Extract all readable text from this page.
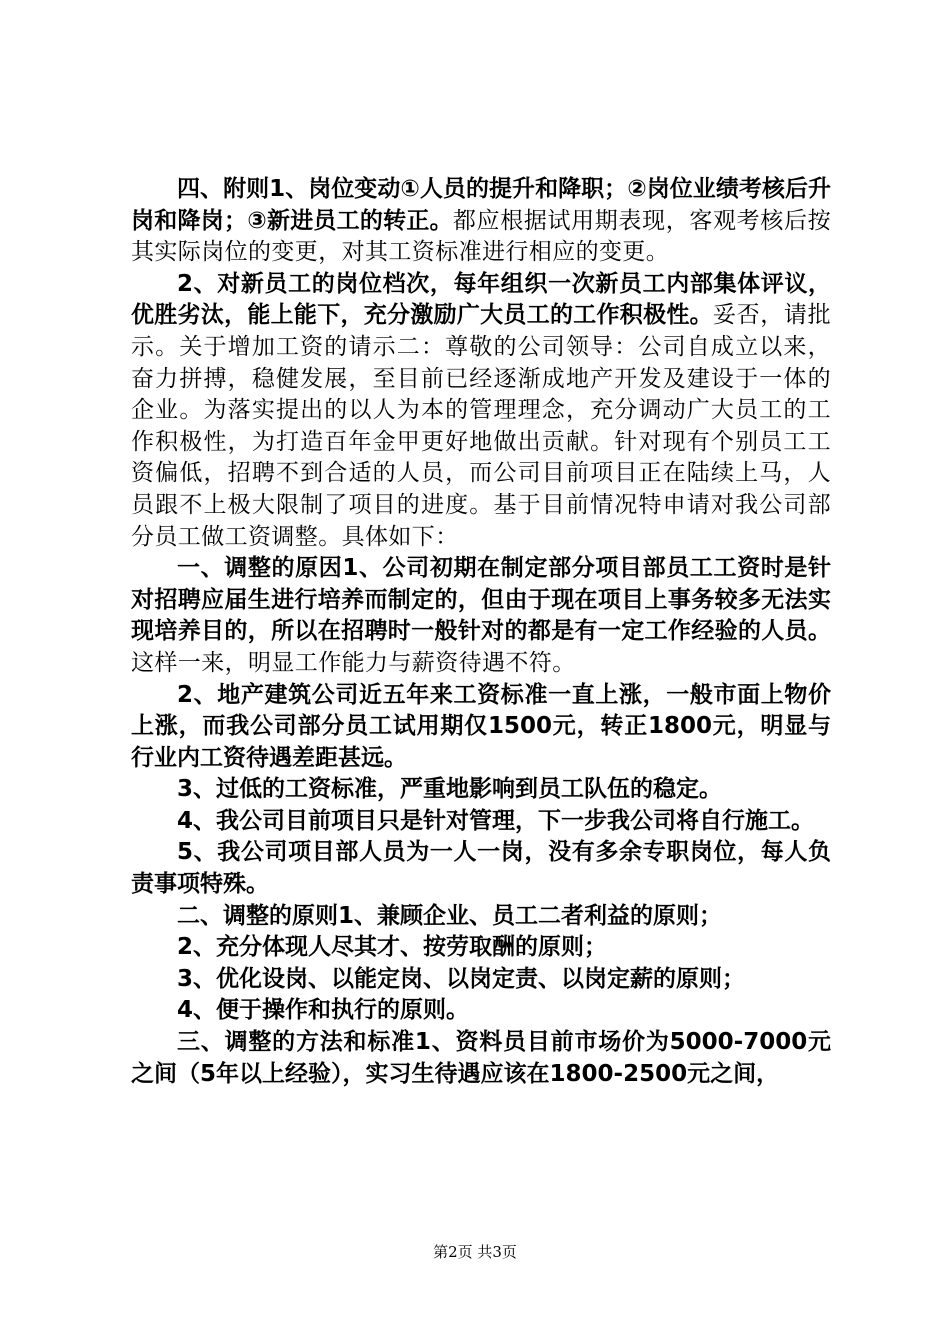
四、附则1、岗位变动①人员的提升和降职；②岗位业绩考核后升岗和降岗；③新进员工的转正。都应根据试用期表现，客观考核后按其实际岗位的变更，对其工资标准进行相应的变更。

2、对新员工的岗位档次，每年组织一次新员工内部集体评议，优胜劣汰，能上能下，充分激励广大员工的工作积极性。妥否，请批示。关于增加工资的请示二：尊敬的公司领导：公司自成立以来，奋力拼搏，稳健发展，至目前已经逐渐成地产开发及建设于一体的企业。为落实提出的以人为本的管理理念，充分调动广大员工的工作积极性，为打造百年金甲更好地做出贡献。针对现有个别员工工资偏低，招聘不到合适的人员，而公司目前项目正在陆续上马，人员跟不上极大限制了项目的进度。基于目前情况特申请对我公司部分员工做工资调整。具体如下：

一、调整的原因1、公司初期在制定部分项目部员工工资时是针对招聘应届生进行培养而制定的，但由于现在项目上事务较多无法实现培养目的，所以在招聘时一般针对的都是有一定工作经验的人员。这样一来，明显工作能力与薪资待遇不符。

2、地产建筑公司近五年来工资标准一直上涨，一般市面上物价上涨，而我公司部分员工试用期仅1500元，转正1800元，明显与行业内工资待遇差距甚远。

3、过低的工资标准，严重地影响到员工队伍的稳定。

4、我公司目前项目只是针对管理，下一步我公司将自行施工。

5、我公司项目部人员为一人一岗，没有多余专职岗位，每人负责事项特殊。

二、调整的原则1、兼顾企业、员工二者利益的原则；

2、充分体现人尽其才、按劳取酬的原则；

3、优化设岗、以能定岗、以岗定责、以岗定薪的原则；

4、便于操作和执行的原则。

三、调整的方法和标准1、资料员目前市场价为5000-7000元之间（5年以上经验），实习生待遇应该在1800-2500元之间，

第2页 共3页
